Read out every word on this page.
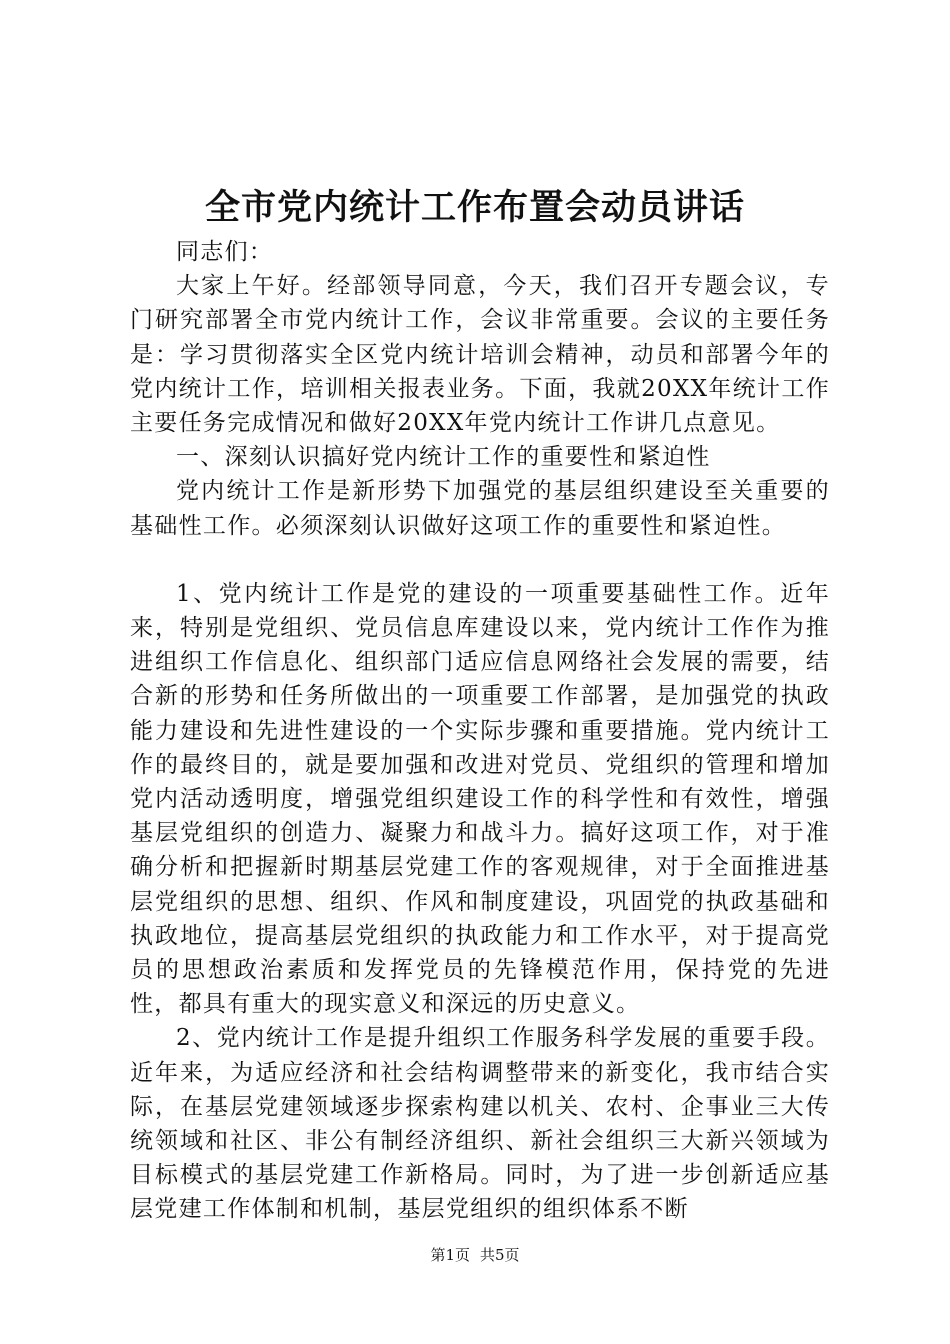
全市党内统计工作布置会动员讲话

同志们：

大家上午好。经部领导同意，今天，我们召开专题会议，专门研究部署全市党内统计工作，会议非常重要。会议的主要任务是：学习贯彻落实全区党内统计培训会精神，动员和部署今年的党内统计工作，培训相关报表业务。下面，我就20XX年统计工作主要任务完成情况和做好20XX年党内统计工作讲几点意见。

一、深刻认识搞好党内统计工作的重要性和紧迫性

党内统计工作是新形势下加强党的基层组织建设至关重要的基础性工作。必须深刻认识做好这项工作的重要性和紧迫性。

1、党内统计工作是党的建设的一项重要基础性工作。近年来，特别是党组织、党员信息库建设以来，党内统计工作作为推进组织工作信息化、组织部门适应信息网络社会发展的需要，结合新的形势和任务所做出的一项重要工作部署，是加强党的执政能力建设和先进性建设的一个实际步骤和重要措施。党内统计工作的最终目的，就是要加强和改进对党员、党组织的管理和增加党内活动透明度，增强党组织建设工作的科学性和有效性，增强基层党组织的创造力、凝聚力和战斗力。搞好这项工作，对于准确分析和把握新时期基层党建工作的客观规律，对于全面推进基层党组织的思想、组织、作风和制度建设，巩固党的执政基础和执政地位，提高基层党组织的执政能力和工作水平，对于提高党员的思想政治素质和发挥党员的先锋模范作用，保持党的先进性，都具有重大的现实意义和深远的历史意义。

2、党内统计工作是提升组织工作服务科学发展的重要手段。近年来，为适应经济和社会结构调整带来的新变化，我市结合实际，在基层党建领域逐步探索构建以机关、农村、企事业三大传统领域和社区、非公有制经济组织、新社会组织三大新兴领域为目标模式的基层党建工作新格局。同时，为了进一步创新适应基层党建工作体制和机制，基层党组织的组织体系不断

第1页 共5页
